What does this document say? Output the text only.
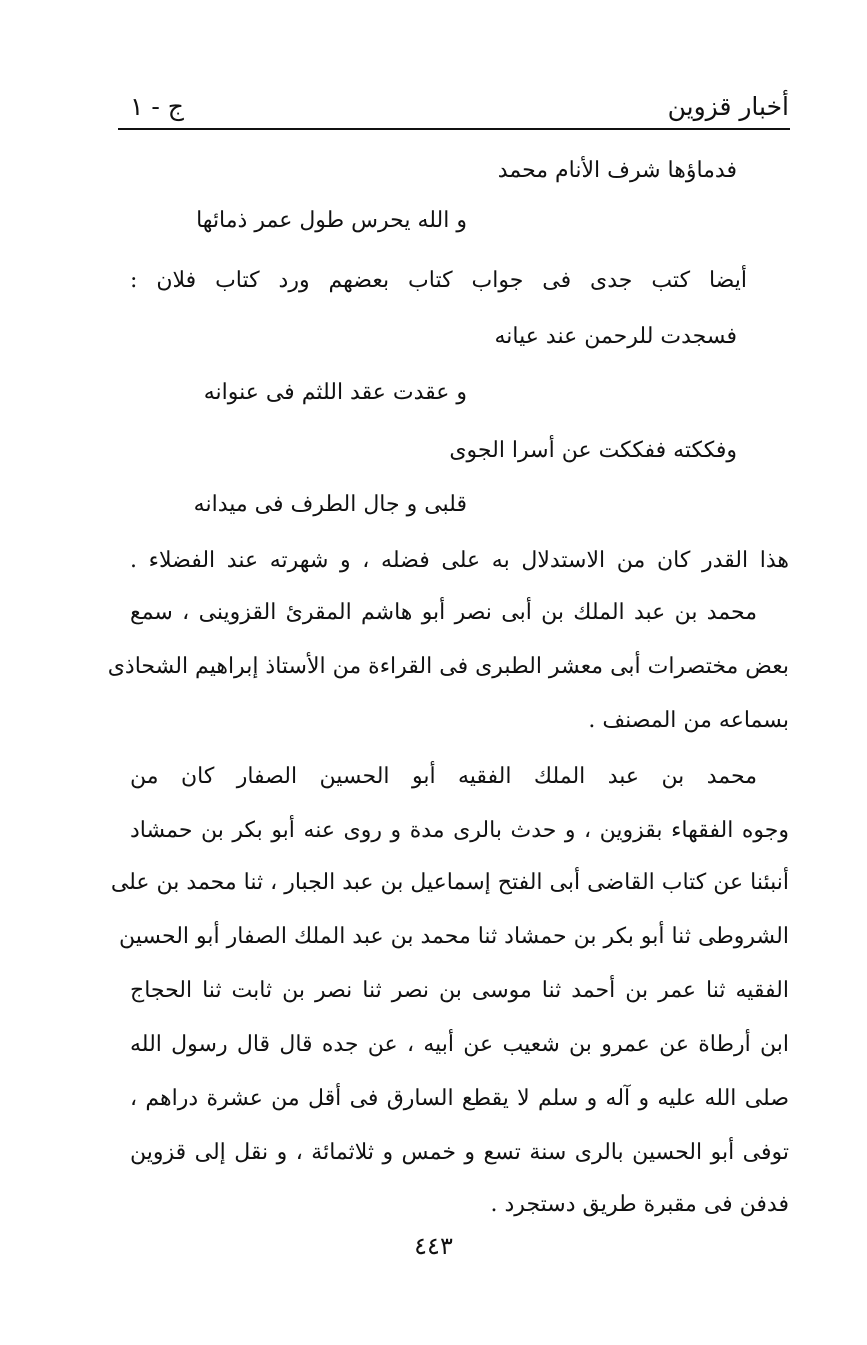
أخبار قزوين
ج - ١
فدماؤها شرف الأنام محمد
و الله يحرس طول عمر ذمائها
أيضا كتب جدى فى جواب كتاب بعضهم ورد كتاب فلان :
فسجدت للرحمن عند عيانه
و عقدت عقد اللثم فى عنوانه
وفككته ففككت عن أسرا الجوى
قلبى و جال الطرف فى ميدانه
هذا القدر كان من الاستدلال به على فضله ، و شهرته عند الفضلاء .
محمد بن عبد الملك بن أبى نصر أبو هاشم المقرئ القزوينى ، سمع
بعض مختصرات أبى معشر الطبرى فى القراءة من الأستاذ إبراهيم الشحاذى
بسماعه من المصنف .
محمد بن عبد الملك الفقيه أبو الحسين الصفار كان من
وجوه الفقهاء بقزوين ، و حدث بالرى مدة و روى عنه أبو بكر بن حمشاد
أنبئنا عن كتاب القاضى أبى الفتح إسماعيل بن عبد الجبار ، ثنا محمد بن على
الشروطى ثنا أبو بكر بن حمشاد ثنا محمد بن عبد الملك الصفار أبو الحسين
الفقيه ثنا عمر بن أحمد ثنا موسى بن نصر ثنا نصر بن ثابت ثنا الحجاج
ابن أرطاة عن عمرو بن شعيب عن أبيه ، عن جده قال قال رسول الله
صلى الله عليه و آله و سلم لا يقطع السارق فى أقل من عشرة دراهم ،
توفى أبو الحسين بالرى سنة تسع و خمس و ثلاثمائة ، و نقل إلى قزوين
فدفن فى مقبرة طريق دستجرد .
٤٤٣
